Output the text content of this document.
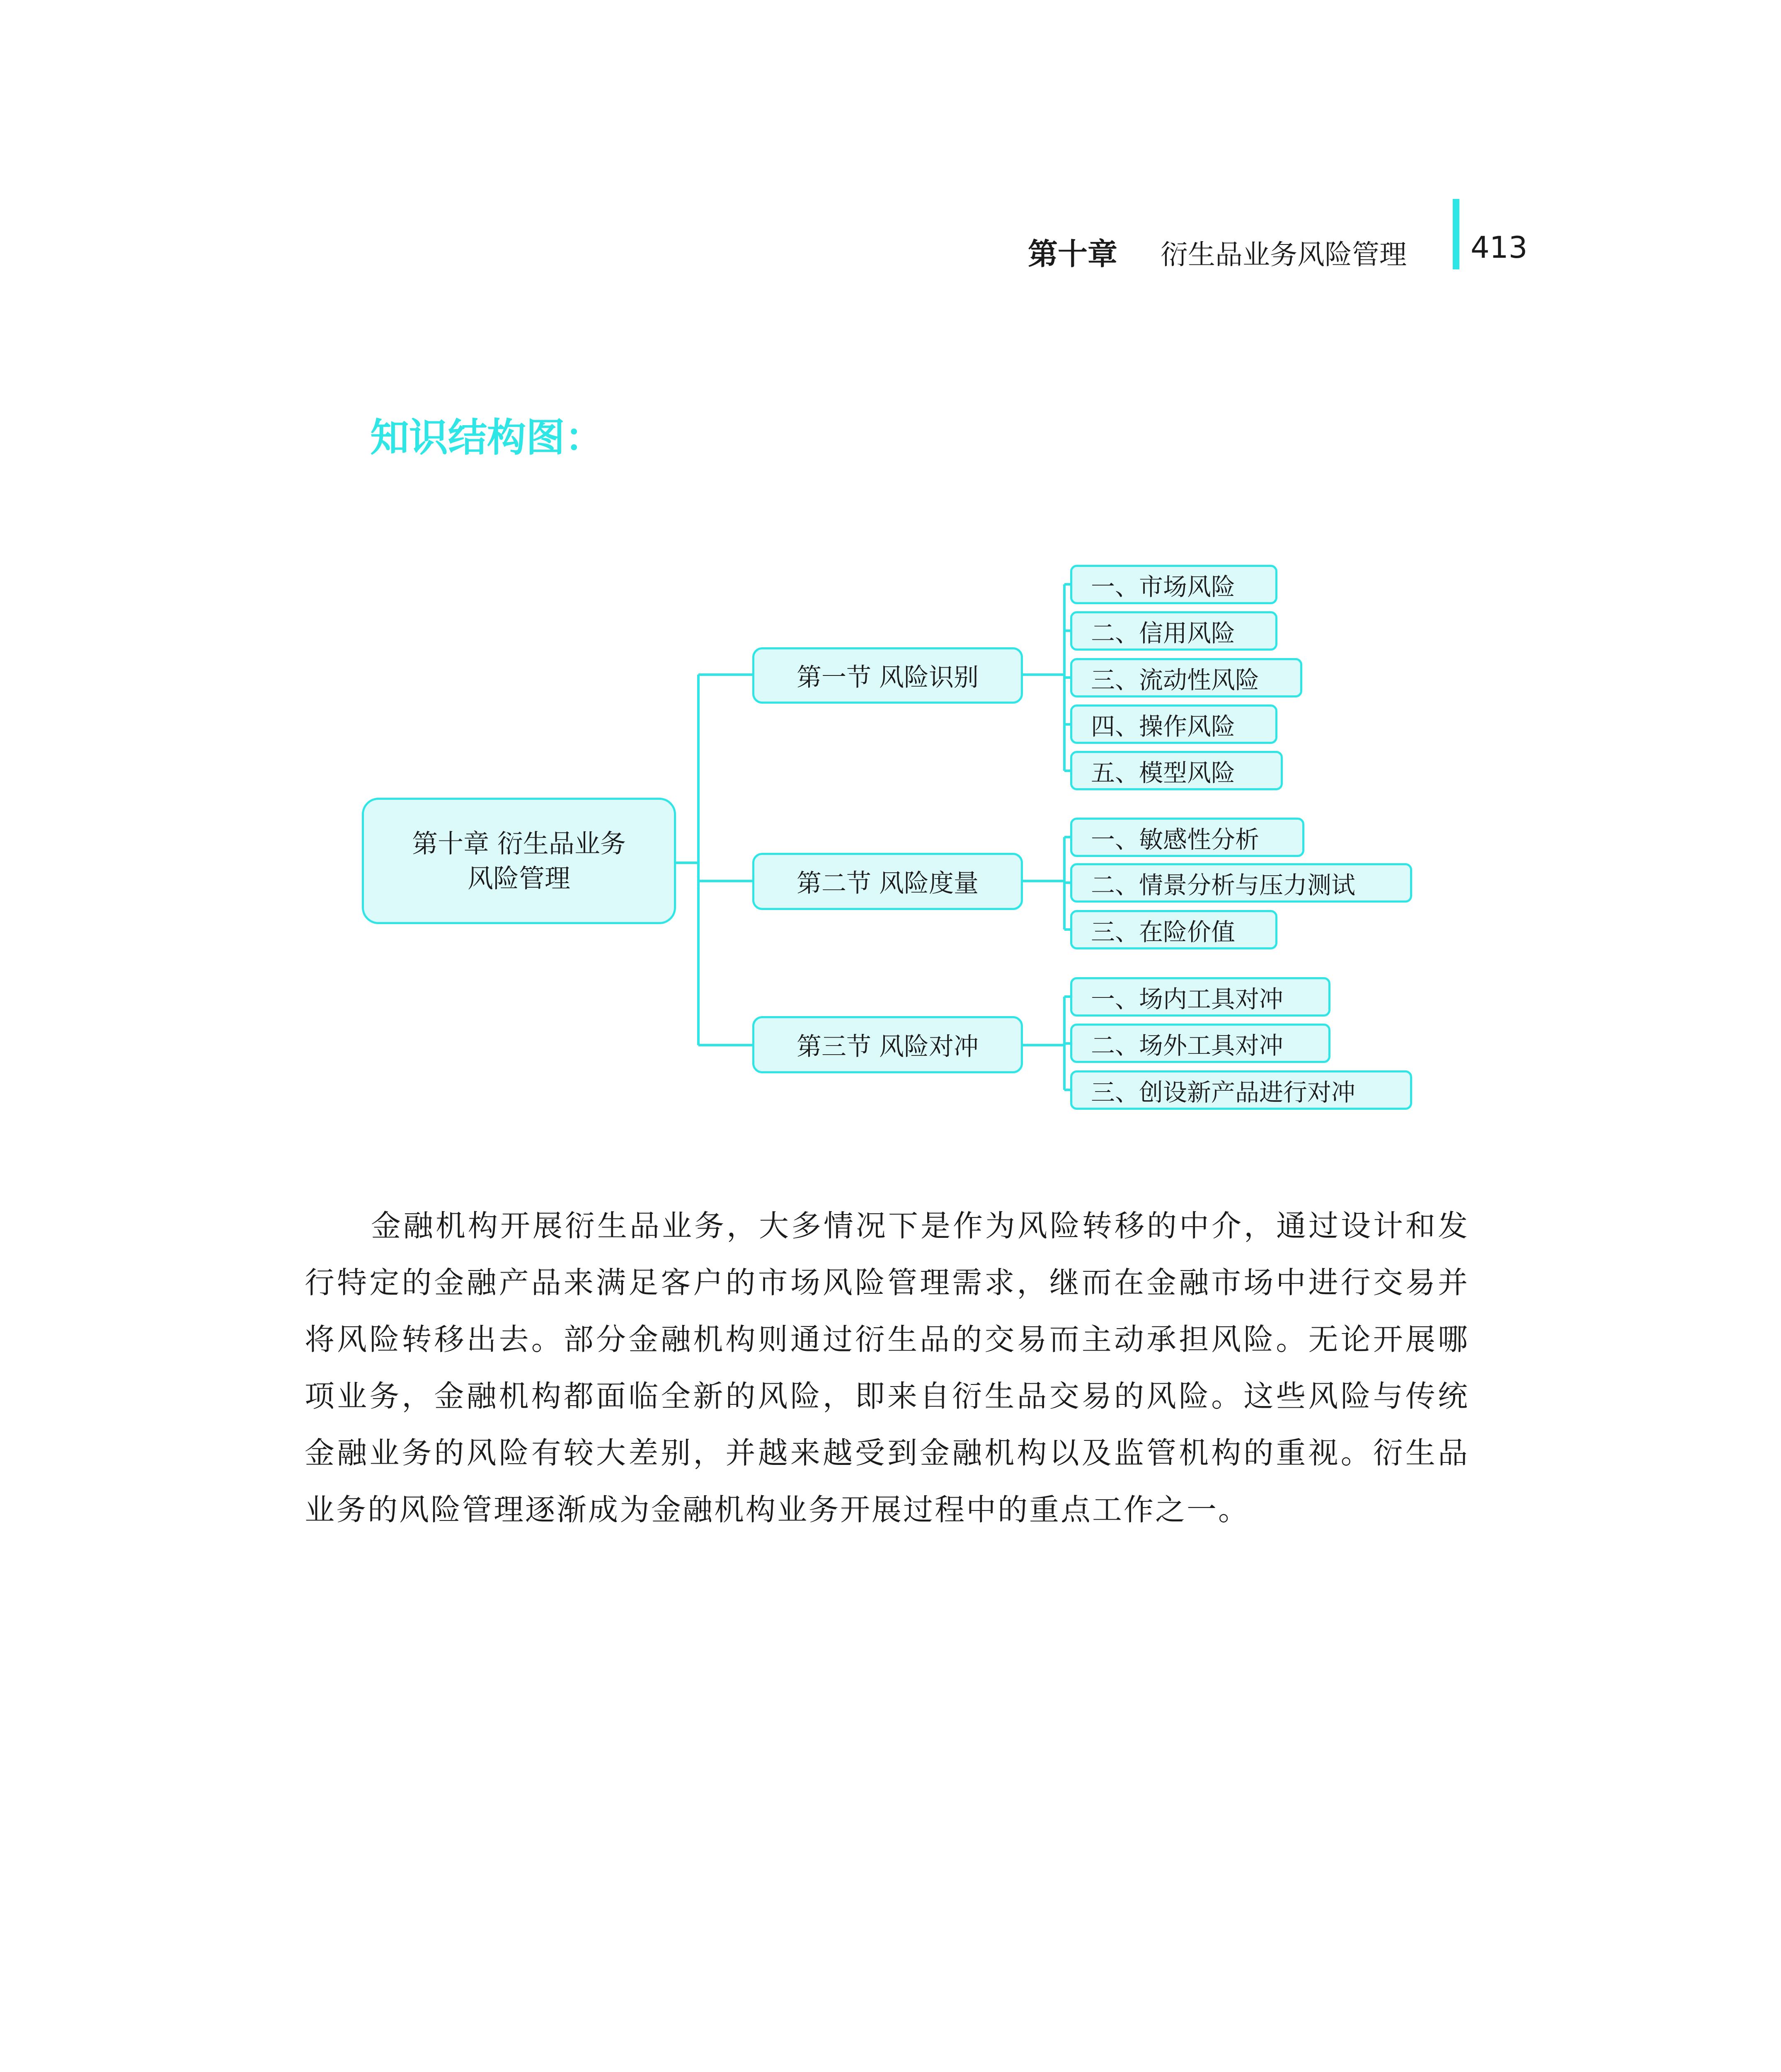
第十章 衍生品业务风险管理 413
知识结构图：
第十章 衍生品业务
风险管理
第一节 风险识别
第二节 风险度量
第三节 风险对冲
一、市场风险
二、信用风险
三、流动性风险
四、操作风险
五、模型风险
一、敏感性分析
二、情景分析与压力测试
三、在险价值
一、场内工具对冲
二、场外工具对冲
三、创设新产品进行对冲

金融机构开展衍生品业务，大多情况下是作为风险转移的中介，通过设计和发行特定的金融产品来满足客户的市场风险管理需求，继而在金融市场中进行交易并将风险转移出去。部分金融机构则通过衍生品的交易而主动承担风险。无论开展哪项业务，金融机构都面临全新的风险，即来自衍生品交易的风险。这些风险与传统金融业务的风险有较大差别，并越来越受到金融机构以及监管机构的重视。衍生品业务的风险管理逐渐成为金融机构业务开展过程中的重点工作之一。
